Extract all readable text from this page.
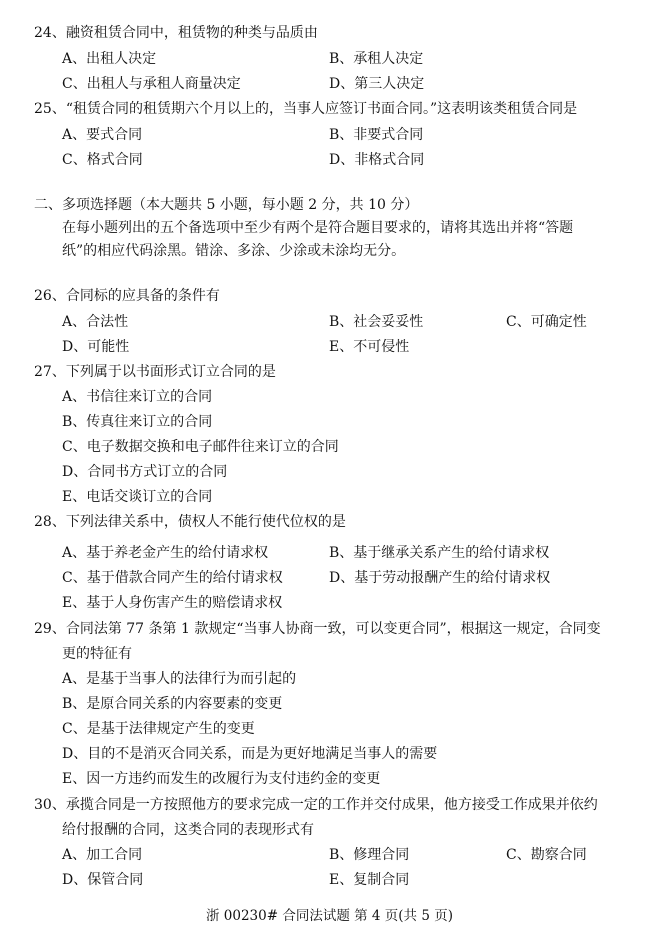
24、融资租赁合同中，租赁物的种类与品质由
A、出租人决定	B、承租人决定
C、出租人与承租人商量决定	D、第三人决定
25、“租赁合同的租赁期六个月以上的，当事人应签订书面合同。”这表明该类租赁合同是
A、要式合同	B、非要式合同
C、格式合同	D、非格式合同
二、多项选择题（本大题共 5 小题，每小题 2 分，共 10 分）
在每小题列出的五个备选项中至少有两个是符合题目要求的，请将其选出并将“答题
纸”的相应代码涂黑。错涂、多涂、少涂或未涂均无分。
26、合同标的应具备的条件有
A、合法性	B、社会妥妥性	C、可确定性
D、可能性	E、不可侵性
27、下列属于以书面形式订立合同的是
A、书信往来订立的合同
B、传真往来订立的合同
C、电子数据交换和电子邮件往来订立的合同
D、合同书方式订立的合同
E、电话交谈订立的合同
28、下列法律关系中，债权人不能行使代位权的是
A、基于养老金产生的给付请求权	B、基于继承关系产生的给付请求权
C、基于借款合同产生的给付请求权	D、基于劳动报酬产生的给付请求权
E、基于人身伤害产生的赔偿请求权
29、合同法第 77 条第 1 款规定“当事人协商一致，可以变更合同”，根据这一规定，合同变
更的特征有
A、是基于当事人的法律行为而引起的
B、是原合同关系的内容要素的变更
C、是基于法律规定产生的变更
D、目的不是消灭合同关系，而是为更好地满足当事人的需要
E、因一方违约而发生的改履行为支付违约金的变更
30、承揽合同是一方按照他方的要求完成一定的工作并交付成果，他方接受工作成果并依约
给付报酬的合同，这类合同的表现形式有
A、加工合同	B、修理合同	C、勘察合同
D、保管合同	E、复制合同
浙 00230# 合同法试题 第 4 页(共 5 页)
